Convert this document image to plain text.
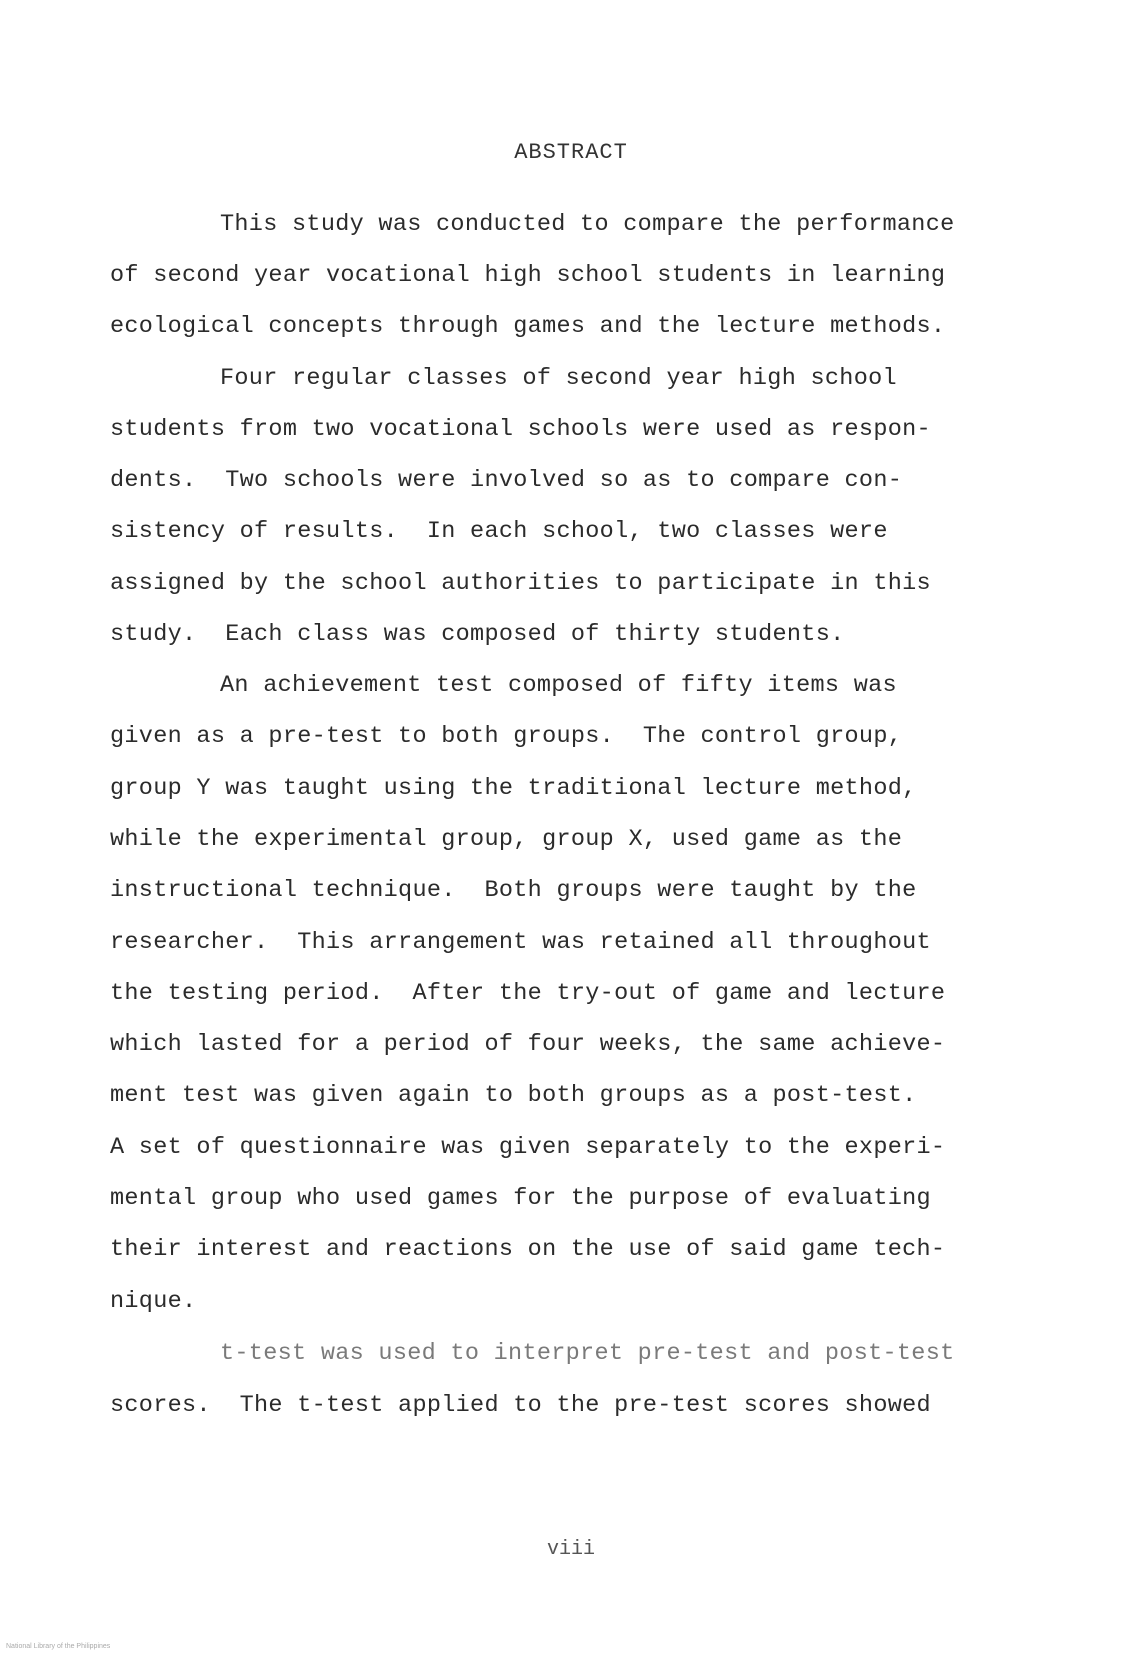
ABSTRACT
This study was conducted to compare the performance
of second year vocational high school students in learning
ecological concepts through games and the lecture methods.
Four regular classes of second year high school
students from two vocational schools were used as respon-
dents.  Two schools were involved so as to compare con-
sistency of results.  In each school, two classes were
assigned by the school authorities to participate in this
study.  Each class was composed of thirty students.
An achievement test composed of fifty items was
given as a pre-test to both groups.  The control group,
group Y was taught using the traditional lecture method,
while the experimental group, group X, used game as the
instructional technique.  Both groups were taught by the
researcher.  This arrangement was retained all throughout
the testing period.  After the try-out of game and lecture
which lasted for a period of four weeks, the same achieve-
ment test was given again to both groups as a post-test.
A set of questionnaire was given separately to the experi-
mental group who used games for the purpose of evaluating
their interest and reactions on the use of said game tech-
nique.
t-test was used to interpret pre-test and post-test
scores.  The t-test applied to the pre-test scores showed
viii
National Library of the Philippines
